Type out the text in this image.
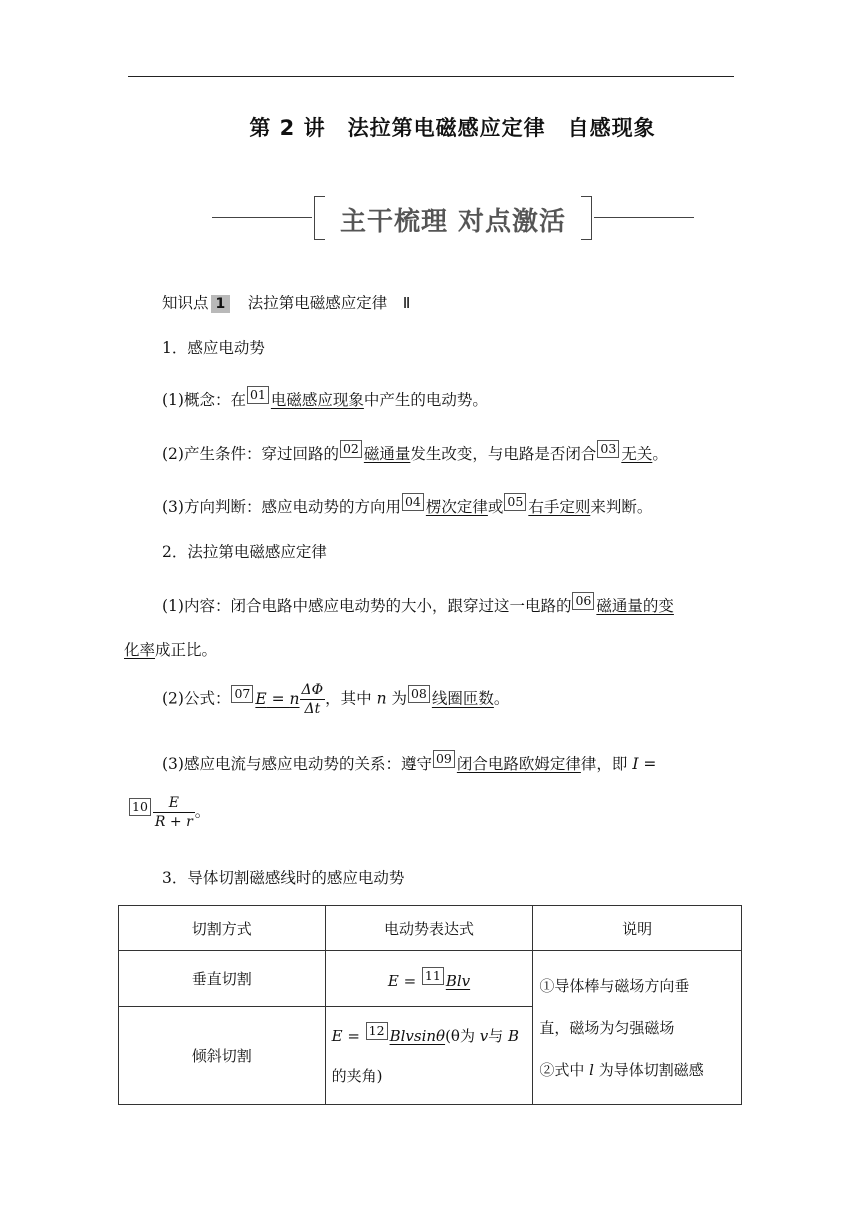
第 2 讲　法拉第电磁感应定律　自感现象
主干梳理 对点激活
知识点 1　 法拉第电磁感应定律　Ⅱ
1．感应电动势
(1)概念：在 01 电磁感应现象中产生的电动势。
(2)产生条件：穿过回路的 02 磁通量发生改变，与电路是否闭合 03 无关。
(3)方向判断：感应电动势的方向用 04 楞次定律或 05 右手定则来判断。
2．法拉第电磁感应定律
(1)内容：闭合电路中感应电动势的大小，跟穿过这一电路的 06 磁通量的变
化率成正比。
(2)公式： 07 E = n $\frac{\Delta\Phi}{\Delta t}$ ，其中 n 为 08 线圈匝数。
(3)感应电流与感应电动势的关系：遵守 09 闭合电路欧姆定律律，即 I =
$10 \frac{E}{R + r}$ 。
3．导体切割磁感线时的感应电动势
切割方式	电动势表达式	说明
垂直切割	E = 11 Blv	①导体棒与磁场方向垂
直，磁场为匀强磁场
②式中 l 为导体切割磁感
倾斜切割	E = 12 Blvsinθ(θ为 v与 B
的夹角)	
